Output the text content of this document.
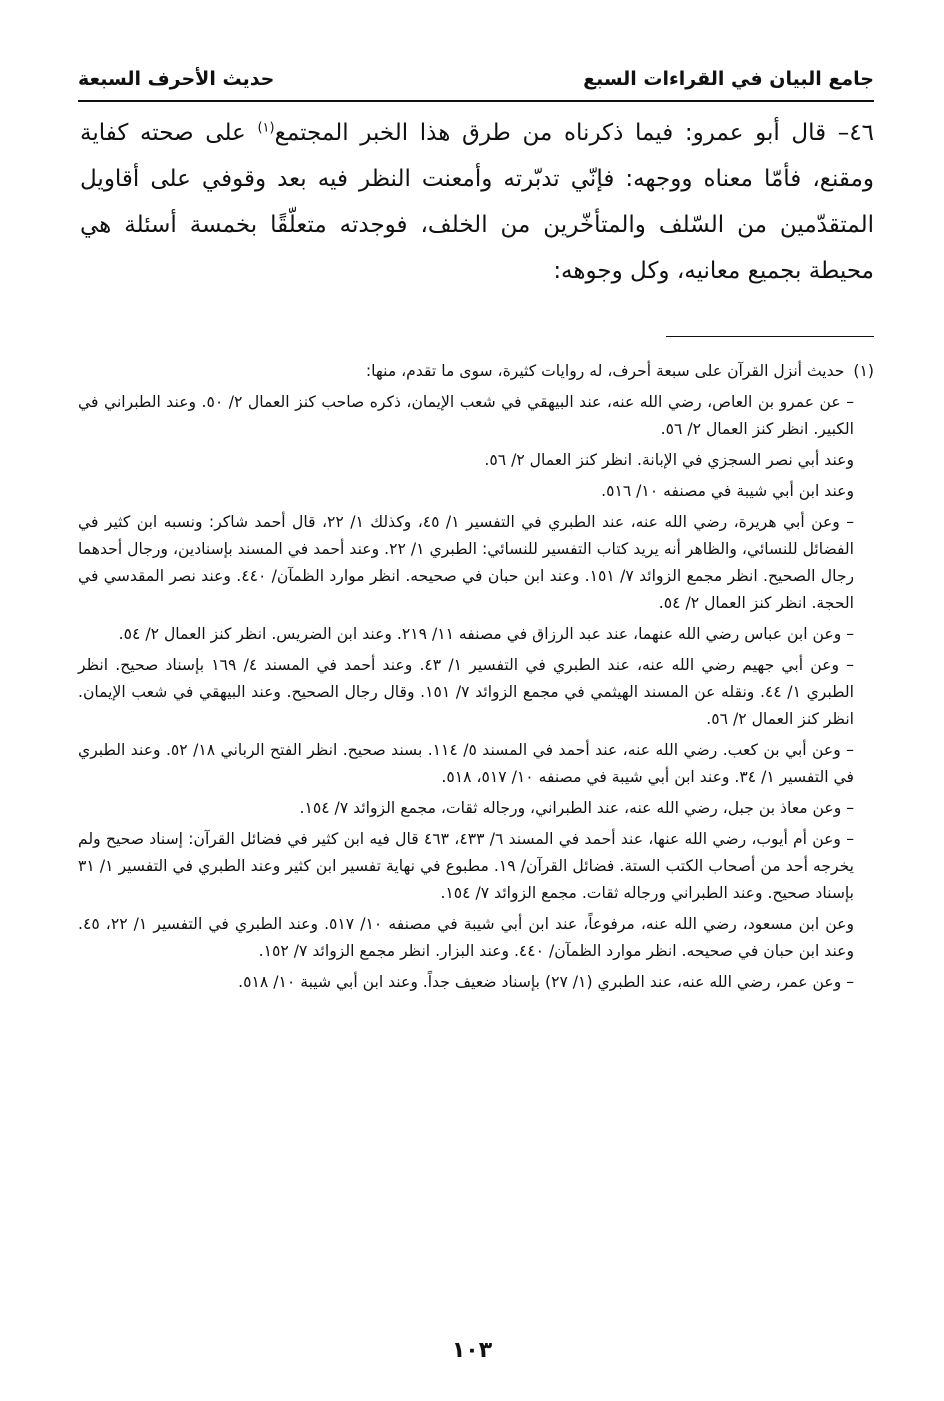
جامع البيان في القراءات السبع
حديث الأحرف السبعة
٤٦– قال أبو عمرو: فيما ذكرناه من طرق هذا الخبر المجتمع$^{(١)}$ على صحته كفاية ومقنع، فأمّا معناه ووجهه: فإنّي تدبّرته وأمعنت النظر فيه بعد وقوفي على أقاويل المتقدّمين من السّلف والمتأخّرين من الخلف، فوجدته متعلّقًا بخمسة أسئلة هي محيطة بجميع معانيه، وكل وجوهه:

(١) حديث أنزل القرآن على سبعة أحرف، له روايات كثيرة، سوى ما تقدم، منها:

– عن عمرو بن العاص، رضي الله عنه، عند البيهقي في شعب الإيمان، ذكره صاحب كنز العمال ٢/ ٥٠. وعند الطبراني في الكبير. انظر كنز العمال ٢/ ٥٦.

وعند أبي نصر السجزي في الإبانة. انظر كنز العمال ٢/ ٥٦.

وعند ابن أبي شيبة في مصنفه ١٠/ ٥١٦.

– وعن أبي هريرة، رضي الله عنه، عند الطبري في التفسير ١/ ٤٥، وكذلك ١/ ٢٢، قال أحمد شاكر: ونسبه ابن كثير في الفضائل للنسائي، والظاهر أنه يريد كتاب التفسير للنسائي: الطبري ١/ ٢٢. وعند أحمد في المسند بإسنادين، ورجال أحدهما رجال الصحيح. انظر مجمع الزوائد ٧/ ١٥١. وعند ابن حبان في صحيحه. انظر موارد الظمآن/ ٤٤٠. وعند نصر المقدسي في الحجة. انظر كنز العمال ٢/ ٥٤.

– وعن ابن عباس رضي الله عنهما، عند عبد الرزاق في مصنفه ١١/ ٢١٩. وعند ابن الضريس. انظر كنز العمال ٢/ ٥٤.

– وعن أبي جهيم رضي الله عنه، عند الطبري في التفسير ١/ ٤٣. وعند أحمد في المسند ٤/ ١٦٩ بإسناد صحيح. انظر الطبري ١/ ٤٤. ونقله عن المسند الهيثمي في مجمع الزوائد ٧/ ١٥١. وقال رجال الصحيح. وعند البيهقي في شعب الإيمان. انظر كنز العمال ٢/ ٥٦.

– وعن أبي بن كعب. رضي الله عنه، عند أحمد في المسند ٥/ ١١٤. بسند صحيح. انظر الفتح الرباني ١٨/ ٥٢. وعند الطبري في التفسير ١/ ٣٤. وعند ابن أبي شيبة في مصنفه ١٠/ ٥١٧، ٥١٨.

– وعن معاذ بن جبل، رضي الله عنه، عند الطبراني، ورجاله ثقات، مجمع الزوائد ٧/ ١٥٤.

– وعن أم أيوب، رضي الله عنها، عند أحمد في المسند ٦/ ٤٣٣، ٤٦٣ قال فيه ابن كثير في فضائل القرآن: إسناد صحيح ولم يخرجه أحد من أصحاب الكتب الستة. فضائل القرآن/ ١٩. مطبوع في نهاية تفسير ابن كثير وعند الطبري في التفسير ١/ ٣١ بإسناد صحيح. وعند الطبراني ورجاله ثقات. مجمع الزوائد ٧/ ١٥٤.

وعن ابن مسعود، رضي الله عنه، مرفوعاً، عند ابن أبي شيبة في مصنفه ١٠/ ٥١٧. وعند الطبري في التفسير ١/ ٢٢، ٤٥. وعند ابن حبان في صحيحه. انظر موارد الظمآن/ ٤٤٠. وعند البزار. انظر مجمع الزوائد ٧/ ١٥٢.

– وعن عمر، رضي الله عنه، عند الطبري (١/ ٢٧) بإسناد ضعيف جداً. وعند ابن أبي شيبة ١٠/ ٥١٨.

١٠٣
